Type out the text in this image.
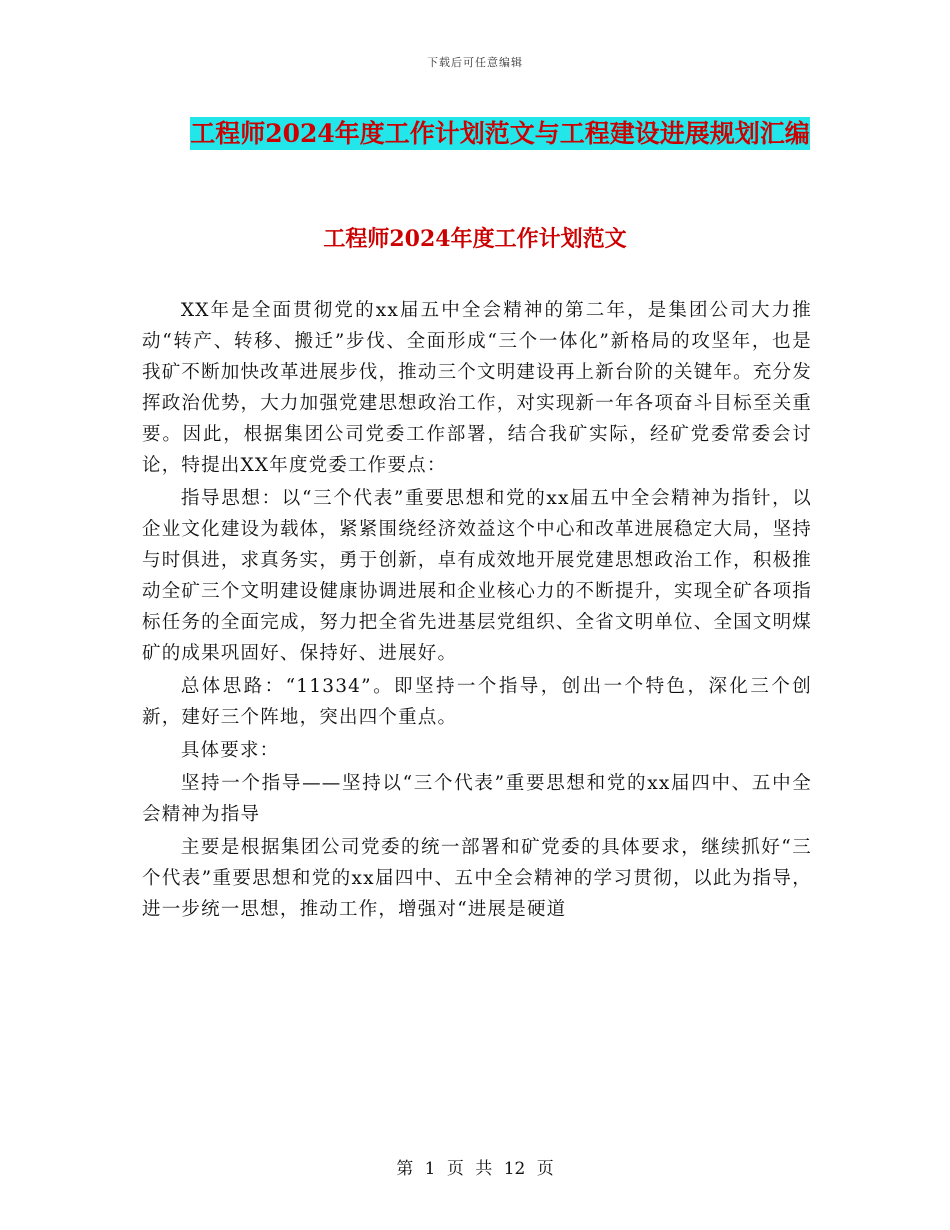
下载后可任意编辑
工程师2024年度工作计划范文与工程建设进展规划汇编
工程师2024年度工作计划范文

XX年是全面贯彻党的xx届五中全会精神的第二年，是集团公司大力推动“转产、转移、搬迁”步伐、全面形成“三个一体化”新格局的攻坚年，也是我矿不断加快改革进展步伐，推动三个文明建设再上新台阶的关键年。充分发挥政治优势，大力加强党建思想政治工作，对实现新一年各项奋斗目标至关重要。因此，根据集团公司党委工作部署，结合我矿实际，经矿党委常委会讨论，特提出XX年度党委工作要点：

指导思想：以“三个代表”重要思想和党的xx届五中全会精神为指针，以企业文化建设为载体，紧紧围绕经济效益这个中心和改革进展稳定大局，坚持与时俱进，求真务实，勇于创新，卓有成效地开展党建思想政治工作，积极推动全矿三个文明建设健康协调进展和企业核心力的不断提升，实现全矿各项指标任务的全面完成，努力把全省先进基层党组织、全省文明单位、全国文明煤矿的成果巩固好、保持好、进展好。

总体思路：“11334”。即坚持一个指导，创出一个特色，深化三个创新，建好三个阵地，突出四个重点。

具体要求：

坚持一个指导——坚持以“三个代表”重要思想和党的xx届四中、五中全会精神为指导

主要是根据集团公司党委的统一部署和矿党委的具体要求，继续抓好“三个代表”重要思想和党的xx届四中、五中全会精神的学习贯彻，以此为指导，进一步统一思想，推动工作，增强对“进展是硬道

第 1 页 共 12 页
